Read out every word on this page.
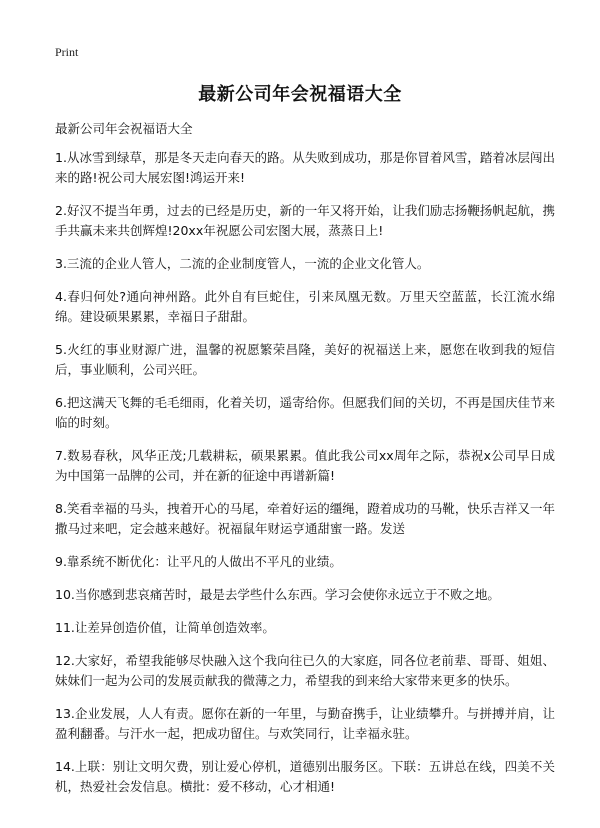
Print
最新公司年会祝福语大全

最新公司年会祝福语大全

1.从冰雪到绿草，那是冬天走向春天的路。从失败到成功，那是你冒着风雪，踏着冰层闯出来的路!祝公司大展宏图!鸿运开来!

2.好汉不提当年勇，过去的已经是历史，新的一年又将开始，让我们励志扬鞭扬帆起航，携手共赢未来共创辉煌!20xx年祝愿公司宏图大展，蒸蒸日上!

3.三流的企业人管人，二流的企业制度管人，一流的企业文化管人。

4.春归何处?通向神州路。此外自有巨蛇住，引来凤凰无数。万里天空蓝蓝，长江流水绵绵。建设硕果累累，幸福日子甜甜。

5.火红的事业财源广进，温馨的祝愿繁荣昌隆，美好的祝福送上来，愿您在收到我的短信后，事业顺利，公司兴旺。

6.把这满天飞舞的毛毛细雨，化着关切，遥寄给你。但愿我们间的关切，不再是国庆佳节来临的时刻。

7.数易春秋，风华正茂;几载耕耘，硕果累累。值此我公司xx周年之际，恭祝x公司早日成为中国第一品牌的公司，并在新的征途中再谱新篇!

8.笑看幸福的马头，拽着开心的马尾，牵着好运的缰绳，蹬着成功的马靴，快乐吉祥又一年撒马过来吧，定会越来越好。祝福鼠年财运亨通甜蜜一路。发送

9.靠系统不断优化：让平凡的人做出不平凡的业绩。

10.当你感到悲哀痛苦时，最是去学些什么东西。学习会使你永远立于不败之地。

11.让差异创造价值，让简单创造效率。

12.大家好，希望我能够尽快融入这个我向往已久的大家庭，同各位老前辈、哥哥、姐姐、妹妹们一起为公司的发展贡献我的微薄之力，希望我的到来给大家带来更多的快乐。

13.企业发展，人人有责。愿你在新的一年里，与勤奋携手，让业绩攀升。与拼搏并肩，让盈利翻番。与汗水一起，把成功留住。与欢笑同行，让幸福永驻。

14.上联：别让文明欠费，别让爱心停机，道德别出服务区。下联：五讲总在线，四美不关机，热爱社会发信息。横批：爱不移动，心才相通!
